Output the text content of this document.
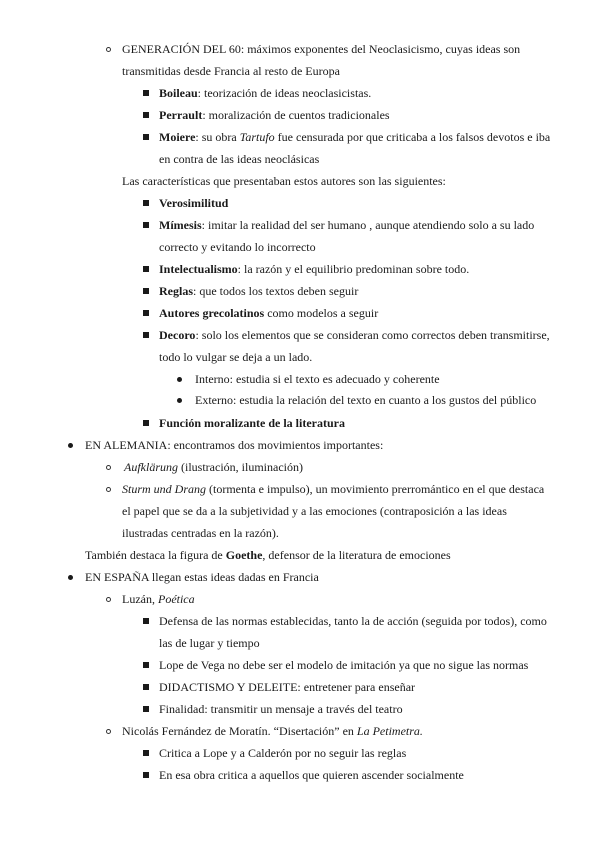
GENERACIÓN DEL 60: máximos exponentes del Neoclasicismo, cuyas ideas son
transmitidas desde Francia al resto de Europa
Boileau: teorización de ideas neoclasicistas.
Perrault: moralización de cuentos tradicionales
Moiere: su obra Tartufo fue censurada por que criticaba a los falsos devotos e iba
en contra de las ideas neoclásicas
Las características que presentaban estos autores son las siguientes:
Verosimilitud
Mímesis: imitar la realidad del ser humano , aunque atendiendo solo a su lado
correcto y evitando lo incorrecto
Intelectualismo: la razón y el equilibrio predominan sobre todo.
Reglas: que todos los textos deben seguir
Autores grecolatinos como modelos a seguir
Decoro: solo los elementos que se consideran como correctos deben transmitirse,
todo lo vulgar se deja a un lado.
Interno: estudia si el texto es adecuado y coherente
Externo: estudia la relación del texto en cuanto a los gustos del público
Función moralizante de la literatura
EN ALEMANIA: encontramos dos movimientos importantes:
Aufklärung (ilustración, iluminación)
Sturm und Drang (tormenta e impulso), un movimiento prerromántico en el que destaca
el papel que se da a la subjetividad y a las emociones (contraposición a las ideas
ilustradas centradas en la razón).
También destaca la figura de Goethe, defensor de la literatura de emociones
EN ESPAÑA llegan estas ideas dadas en Francia
Luzán, Poética
Defensa de las normas establecidas, tanto la de acción (seguida por todos), como
las de lugar y tiempo
Lope de Vega no debe ser el modelo de imitación ya que no sigue las normas
DIDACTISMO Y DELEITE: entretener para enseñar
Finalidad: transmitir un mensaje a través del teatro
Nicolás Fernández de Moratín. “Disertación” en La Petimetra.
Critica a Lope y a Calderón por no seguir las reglas
En esa obra critica a aquellos que quieren ascender socialmente
